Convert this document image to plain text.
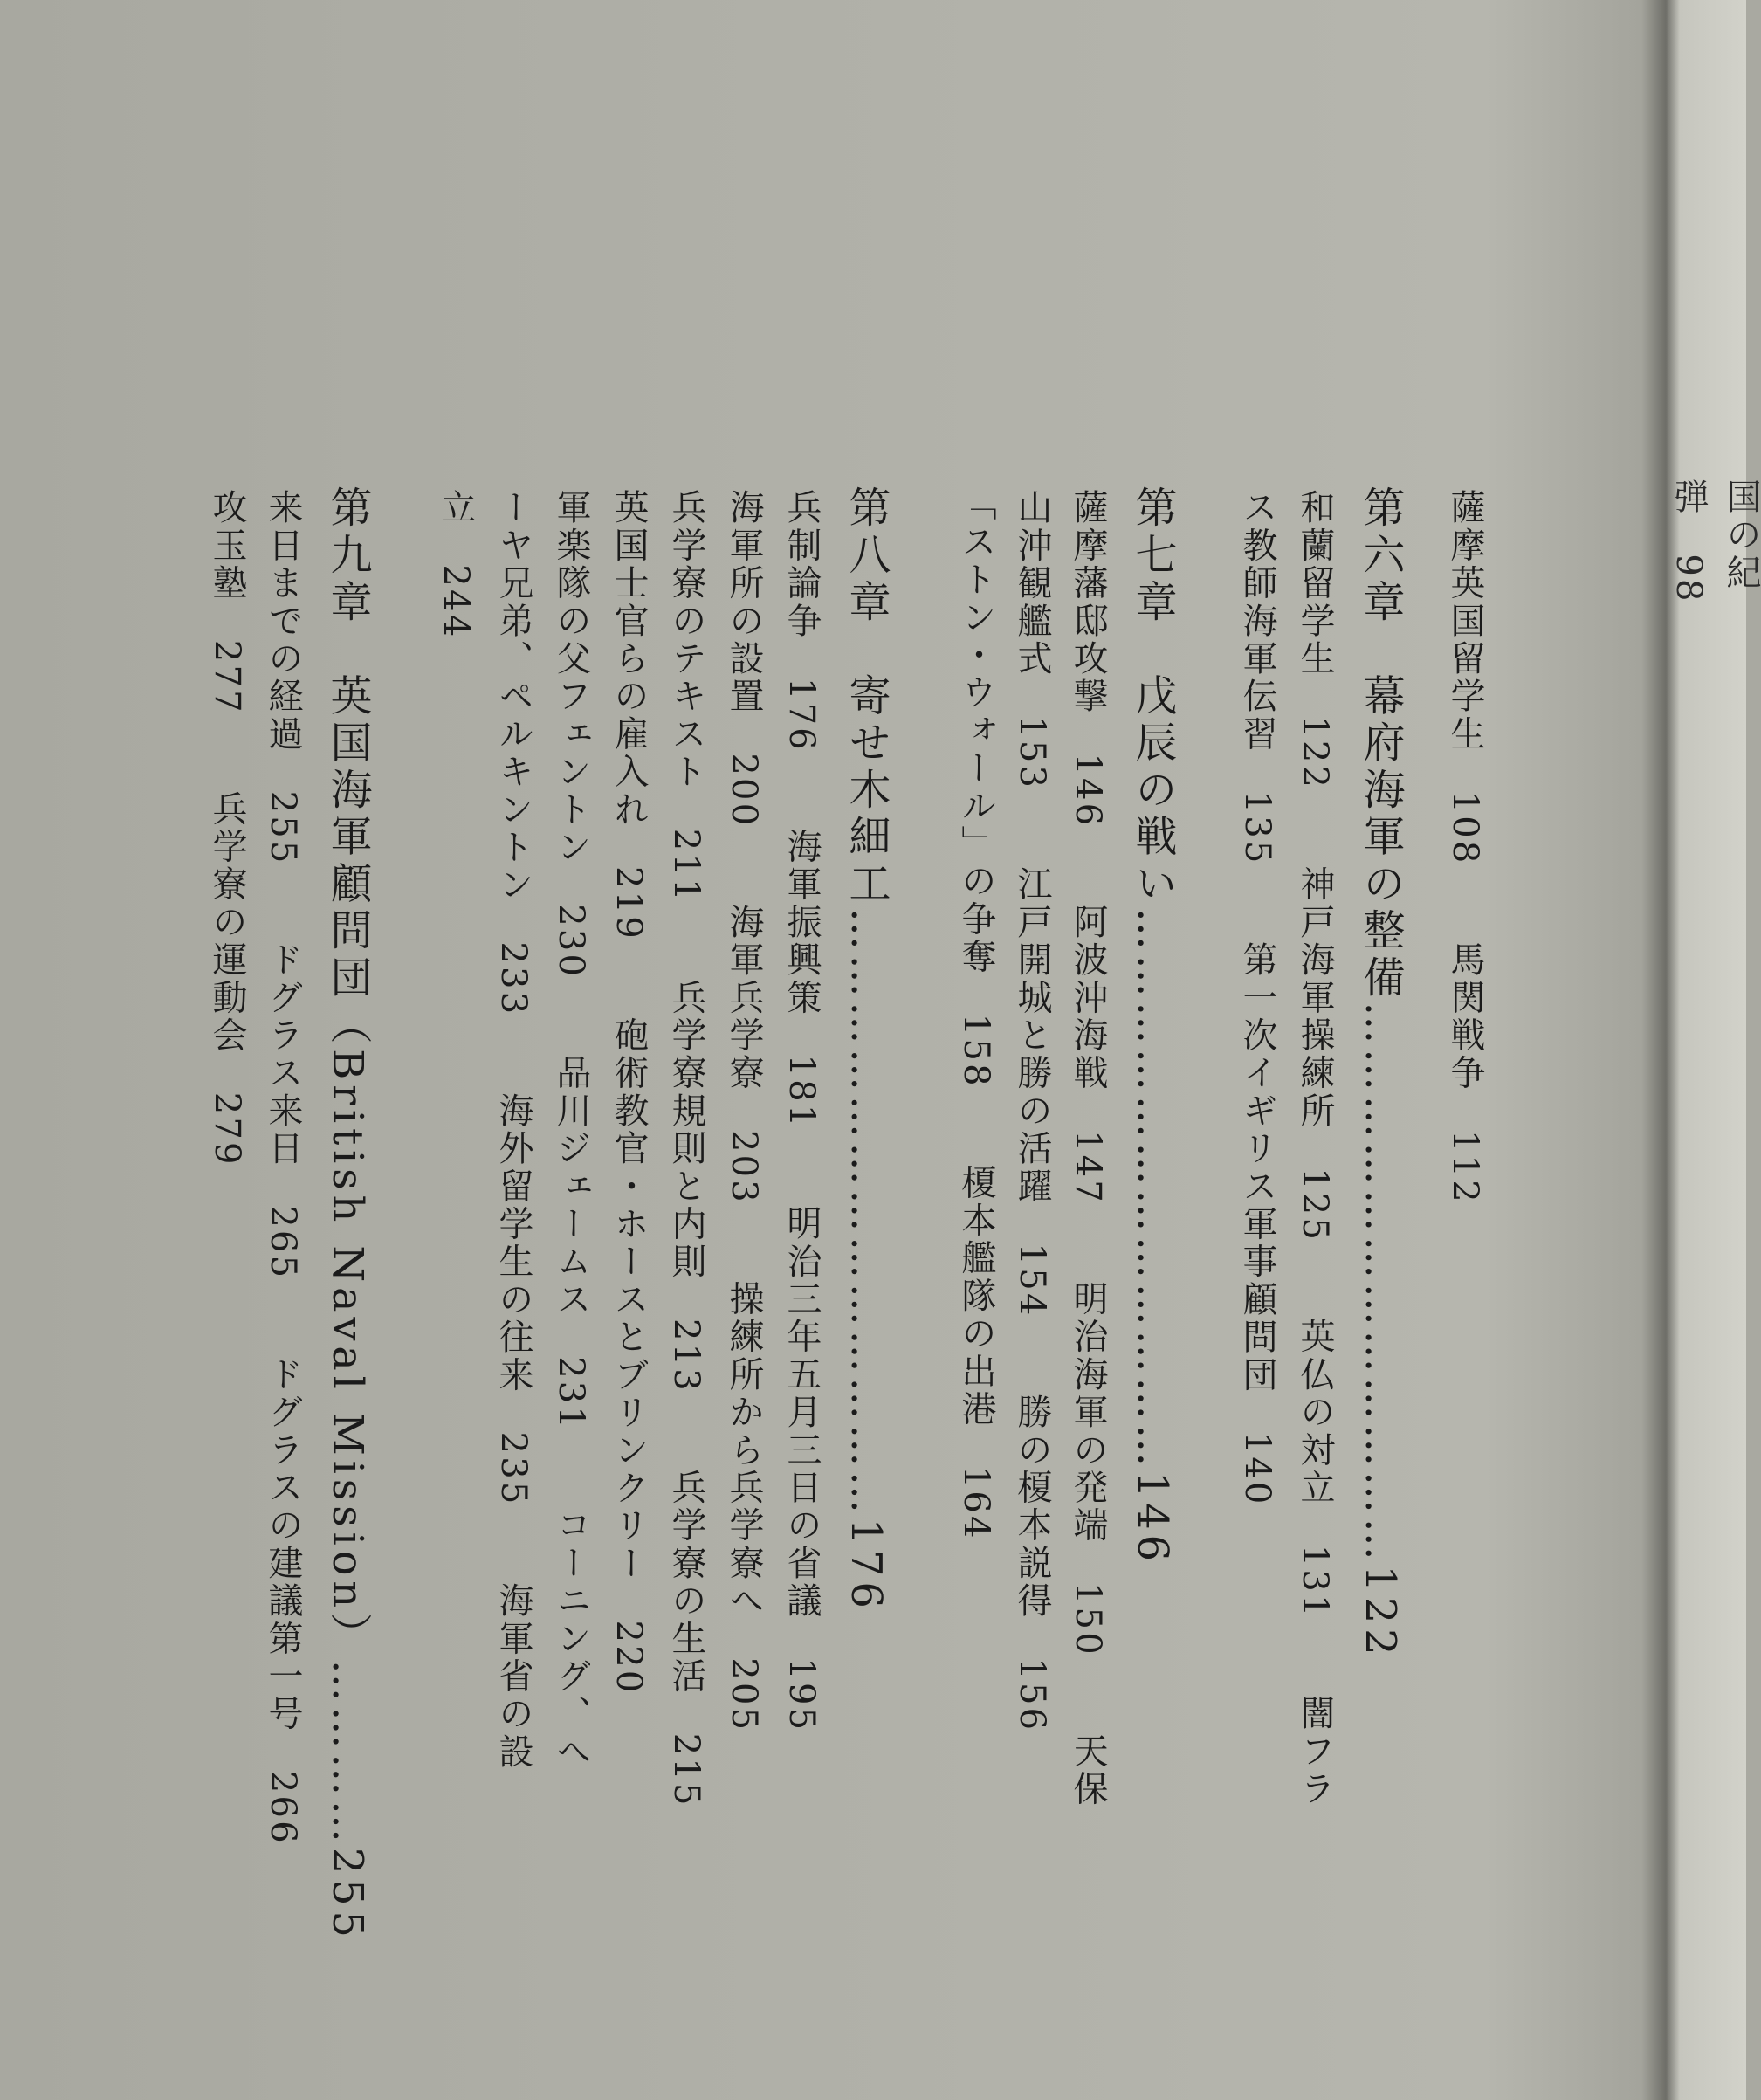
国の紀
弾　98
薩摩英国留学生　108　　馬関戦争　112
第六章　幕府海軍の整備………………………………122
和蘭留学生　122　　神戸海軍操練所　125　　英仏の対立　131　　闇フラ
ス教師海軍伝習　135　　第一次イギリス軍事顧問団　140
第七章　戊辰の戦い………………………………146
薩摩藩邸攻撃　146　　阿波沖海戦　147　　明治海軍の発端　150　　天保
山沖観艦式　153　　江戸開城と勝の活躍　154　　勝の榎本説得　156
「ストン・ウォール」の争奪　158　　榎本艦隊の出港　164
第八章　寄せ木細工…………………………………176
兵制論争　176　　海軍振興策　181　　明治三年五月三日の省議　195
海軍所の設置　200　　海軍兵学寮　203　　操練所から兵学寮へ　205
兵学寮のテキスト　211　　兵学寮規則と内則　213　　兵学寮の生活　215
英国士官らの雇入れ　219　　砲術教官・ホースとブリンクリー　220
軍楽隊の父フェントン　230　　品川ジェームス　231　　コーニング、へ
ーヤ兄弟、ペルキントン　233　　海外留学生の往来　235　　海軍省の設
立　244
第九章　英国海軍顧問団（British Naval Mission）…………255
来日までの経過　255　　ドグラス来日　265　　ドグラスの建議第一号　266
攻玉塾　277　　兵学寮の運動会　279
